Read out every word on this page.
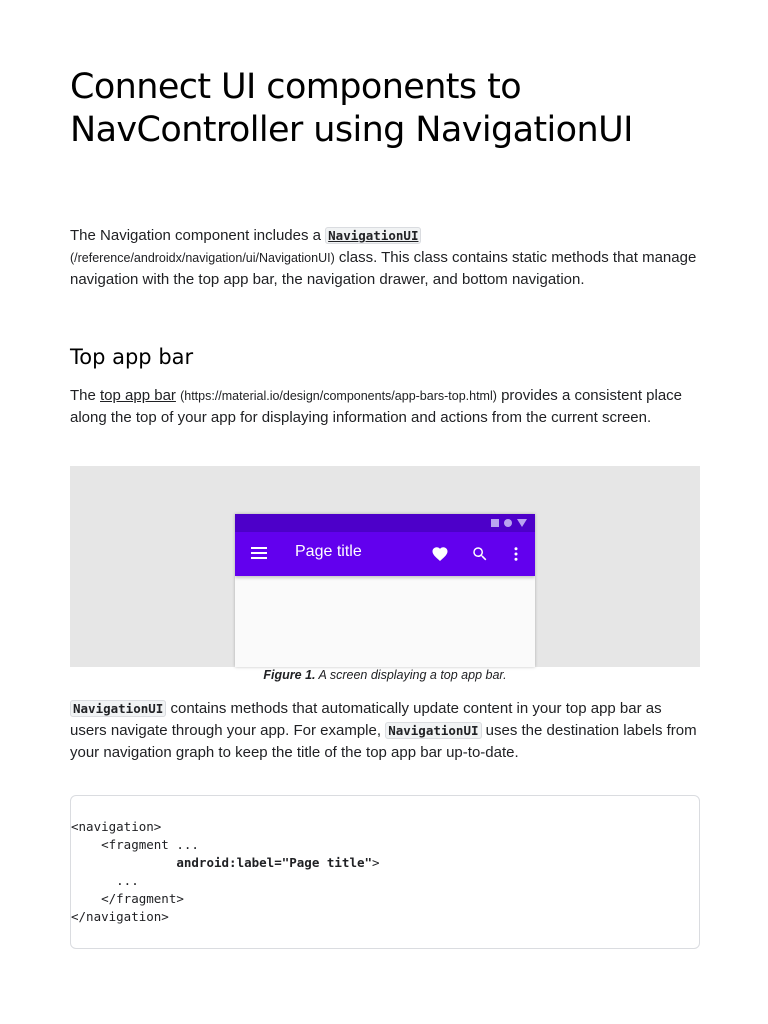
Connect UI components to NavController using NavigationUI

The Navigation component includes a NavigationUI
(/reference/androidx/navigation/ui/NavigationUI) class. This class contains static methods that manage navigation with the top app bar, the navigation drawer, and bottom navigation.

Top app bar

The top app bar (https://material.io/design/components/app-bars-top.html) provides a consistent place along the top of your app for displaying information and actions from the current screen.

Page title
Figure 1. A screen displaying a top app bar.

NavigationUI contains methods that automatically update content in your top app bar as users navigate through your app. For example, NavigationUI uses the destination labels from your navigation graph to keep the title of the top app bar up-to-date.

<navigation>
<fragment ...
android:label="Page title">
...
</fragment>
</navigation>
